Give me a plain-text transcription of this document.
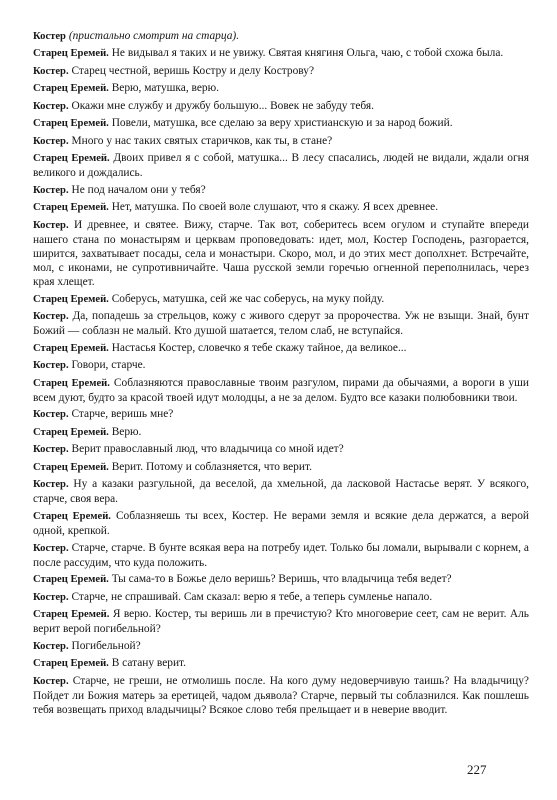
Костер (пристально смотрит на старца).

Старец Еремей. Не видывал я таких и не увижу. Святая княгиня Ольга, чаю, с тобой схожа была.

Костер. Старец честной, веришь Костру и делу Кострову?

Старец Еремей. Верю, матушка, верю.

Костер. Окажи мне службу и дружбу большую... Вовек не забуду тебя.

Старец Еремей. Повели, матушка, все сделаю за веру христианскую и за народ божий.

Костер. Много у нас таких святых старичков, как ты, в стане?

Старец Еремей. Двоих привел я с собой, матушка... В лесу спасались, людей не видали, ждали огня великого и дождались.

Костер. Не под началом они у тебя?

Старец Еремей. Нет, матушка. По своей воле слушают, что я скажу. Я всех древнее.

Костер. И древнее, и святее. Вижу, старче. Так вот, соберитесь всем огулом и ступайте впереди нашего стана по монастырям и церквам проповедовать: идет, мол, Костер Господень, разгорается, ширится, захватывает посады, села и монастыри. Скоро, мол, и до этих мест дополхнет. Встречайте, мол, с иконами, не супротивничайте. Чаша русской земли горечью огненной переполнилась, через края хлещет.

Старец Еремей. Соберусь, матушка, сей же час соберусь, на муку пойду.

Костер. Да, попадешь за стрельцов, кожу с живого сдерут за пророчества. Уж не взыщи. Знай, бунт Божий — соблазн не малый. Кто душой шатается, телом слаб, не вступайся.

Старец Еремей. Настасья Костер, словечко я тебе скажу тайное, да великое...

Костер. Говори, старче.

Старец Еремей. Соблазняются православные твоим разгулом, пирами да обычаями, а вороги в уши всем дуют, будто за красой твоей идут молодцы, а не за делом. Будто все казаки полюбовники твои.

Костер. Старче, веришь мне?

Старец Еремей. Верю.

Костер. Верит православный люд, что владычица со мной идет?

Старец Еремей. Верит. Потому и соблазняется, что верит.

Костер. Ну а казаки разгульной, да веселой, да хмельной, да ласковой Настасье верят. У всякого, старче, своя вера.

Старец Еремей. Соблазняешь ты всех, Костер. Не верами земля и всякие дела держатся, а верой одной, крепкой.

Костер. Старче, старче. В бунте всякая вера на потребу идет. Только бы ломали, вырывали с корнем, а после рассудим, что куда положить.

Старец Еремей. Ты сама-то в Божье дело веришь? Веришь, что владычица тебя ведет?

Костер. Старче, не спрашивай. Сам сказал: верю я тебе, а теперь сумленье напало.

Старец Еремей. Я верю. Костер, ты веришь ли в пречистую? Кто многоверие сеет, сам не верит. Аль верит верой погибельной?

Костер. Погибельной?

Старец Еремей. В сатану верит.

Костер. Старче, не греши, не отмолишь после. На кого думу недоверчивую таишь? На владычицу? Пойдет ли Божия матерь за еретицей, чадом дьявола? Старче, первый ты соблазнился. Как пошлешь тебя возвещать приход владычицы? Всякое слово тебя прельщает и в неверие вводит.

227
